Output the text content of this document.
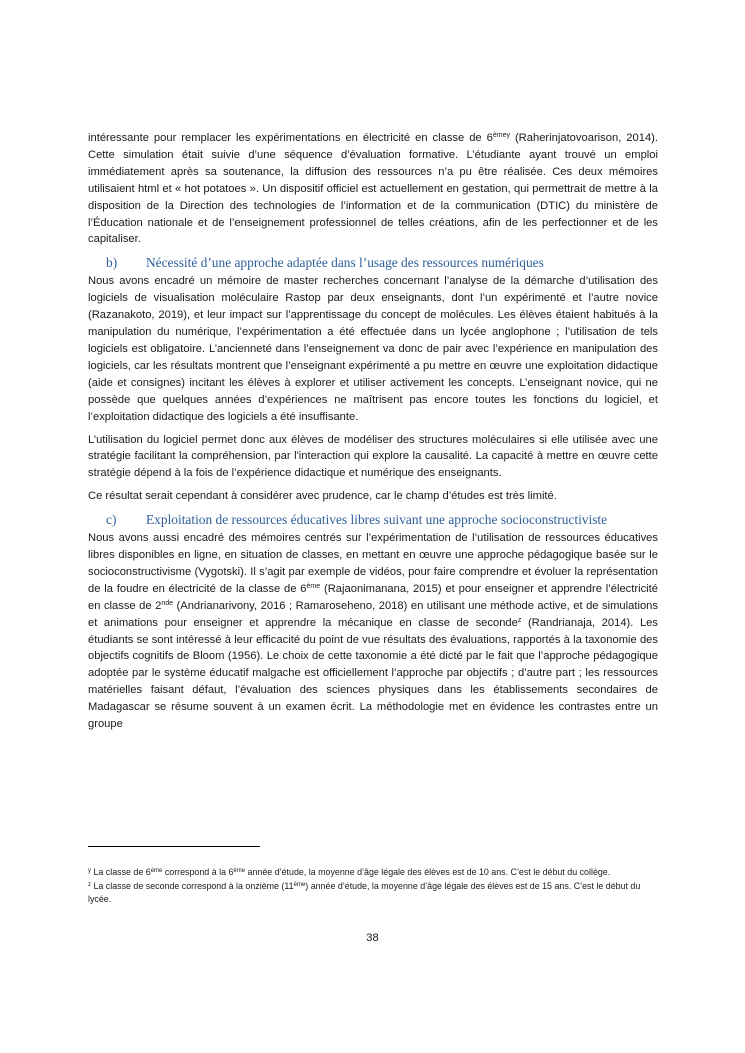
intéressante pour remplacer les expérimentations en électricité en classe de $6^{èmey}$ (Raherinjatovoarison, 2014). Cette simulation était suivie d’une séquence d’évaluation formative. L’étudiante ayant trouvé un emploi immédiatement après sa soutenance, la diffusion des ressources n’a pu être réalisée. Ces deux mémoires utilisaient html et « hot potatoes ». Un dispositif officiel est actuellement en gestation, qui permettrait de mettre à la disposition de la Direction des technologies de l’information et de la communication (DTIC) du ministère de l’Éducation nationale et de l’enseignement professionnel de telles créations, afin de les perfectionner et de les capitaliser.

b)	Nécessité d’une approche adaptée dans l’usage des ressources numériques

Nous avons encadré un mémoire de master recherches concernant l’analyse de la démarche d’utilisation des logiciels de visualisation moléculaire Rastop par deux enseignants, dont l’un expérimenté et l’autre novice (Razanakoto, 2019), et leur impact sur l’apprentissage du concept de molécules. Les élèves étaient habitués à la manipulation du numérique, l’expérimentation a été effectuée dans un lycée anglophone ; l’utilisation de tels logiciels est obligatoire. L’ancienneté dans l’enseignement va donc de pair avec l’expérience en manipulation des logiciels, car les résultats montrent que l’enseignant expérimenté a pu mettre en œuvre une exploitation didactique (aide et consignes) incitant les élèves à explorer et utiliser activement les concepts. L’enseignant novice, qui ne possède que quelques années d’expériences ne maîtrisent pas encore toutes les fonctions du logiciel, et l’exploitation didactique des logiciels a été insuffisante.

L’utilisation du logiciel permet donc aux élèves de modéliser des structures moléculaires si elle utilisée avec une stratégie facilitant la compréhension, par l'interaction qui explore la causalité. La capacité à mettre en œuvre cette stratégie dépend à la fois de l’expérience didactique et numérique des enseignants.

Ce résultat serait cependant à considérer avec prudence, car le champ d’études est très limité.

c)	Exploitation de ressources éducatives libres suivant une approche socioconstructiviste

Nous avons aussi encadré des mémoires centrés sur l’expérimentation de l’utilisation de ressources éducatives libres disponibles en ligne, en situation de classes, en mettant en œuvre une approche pédagogique basée sur le socioconstructivisme (Vygotski). Il s’agit par exemple de vidéos, pour faire comprendre et évoluer la représentation de la foudre en électricité de la classe de 6ème (Rajaonimanana, 2015) et pour enseigner et apprendre l’électricité en classe de 2nde (Andrianarivony, 2016 ; Ramaroseheno, 2018) en utilisant une méthode active, et de simulations et animations pour enseigner et apprendre la mécanique en classe de seconde$^z$ (Randrianaja, 2014). Les étudiants se sont intéressé à leur efficacité du point de vue résultats des évaluations, rapportés à la taxonomie des objectifs cognitifs de Bloom (1956). Le choix de cette taxonomie a été dicté par le fait que l’approche pédagogique adoptée par le système éducatif malgache est officiellement l’approche par objectifs ; d’autre part ; les ressources matérielles faisant défaut, l’évaluation des sciences physiques dans les établissements secondaires de Madagascar se résume souvent à un examen écrit. La méthodologie met en évidence les contrastes entre un groupe

$^y$ La classe de 6ème correspond à la 6ème année d’étude, la moyenne d’âge légale des élèves est de 10 ans. C’est le début du collège.

$^z$ La classe de seconde correspond à la onzième (11ème) année d’étude, la moyenne d’âge légale des élèves est de 15 ans. C’est le début du lycée.

38
